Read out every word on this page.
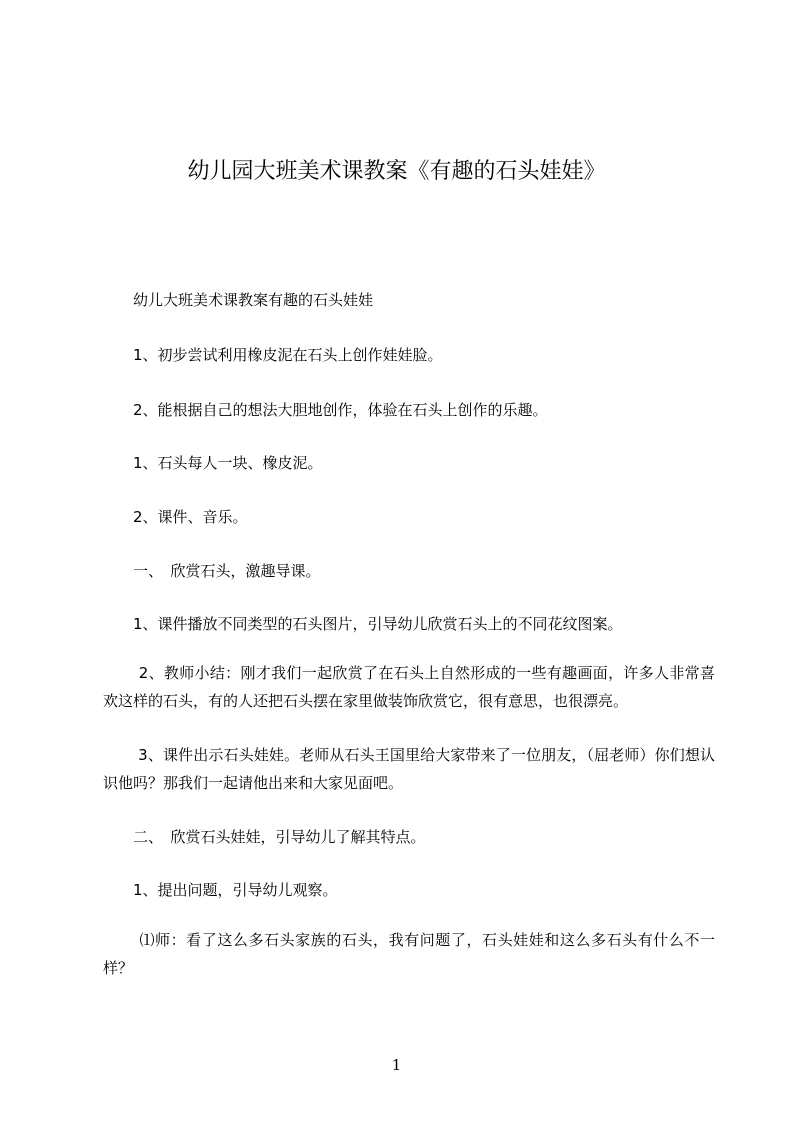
幼儿园大班美术课教案《有趣的石头娃娃》
　　幼儿大班美术课教案有趣的石头娃娃
　　1、初步尝试利用橡皮泥在石头上创作娃娃脸。
　　2、能根据自己的想法大胆地创作，体验在石头上创作的乐趣。
　　1、石头每人一块、橡皮泥。
　　2、课件、音乐。
　　一、　欣赏石头，激趣导课。
　　1、课件播放不同类型的石头图片，引导幼儿欣赏石头上的不同花纹图案。
　　 2、教师小结：刚才我们一起欣赏了在石头上自然形成的一些有趣画面，许多人非常喜欢这样的石头，有的人还把石头摆在家里做装饰欣赏它，很有意思，也很漂亮。
　　 3、课件出示石头娃娃。老师从石头王国里给大家带来了一位朋友，（屈老师）你们想认识他吗？那我们一起请他出来和大家见面吧。
　　二、　欣赏石头娃娃，引导幼儿了解其特点。
　　1、提出问题，引导幼儿观察。
　　 ⑴师：看了这么多石头家族的石头，我有问题了，石头娃娃和这么多石头有什么不一样？
1
